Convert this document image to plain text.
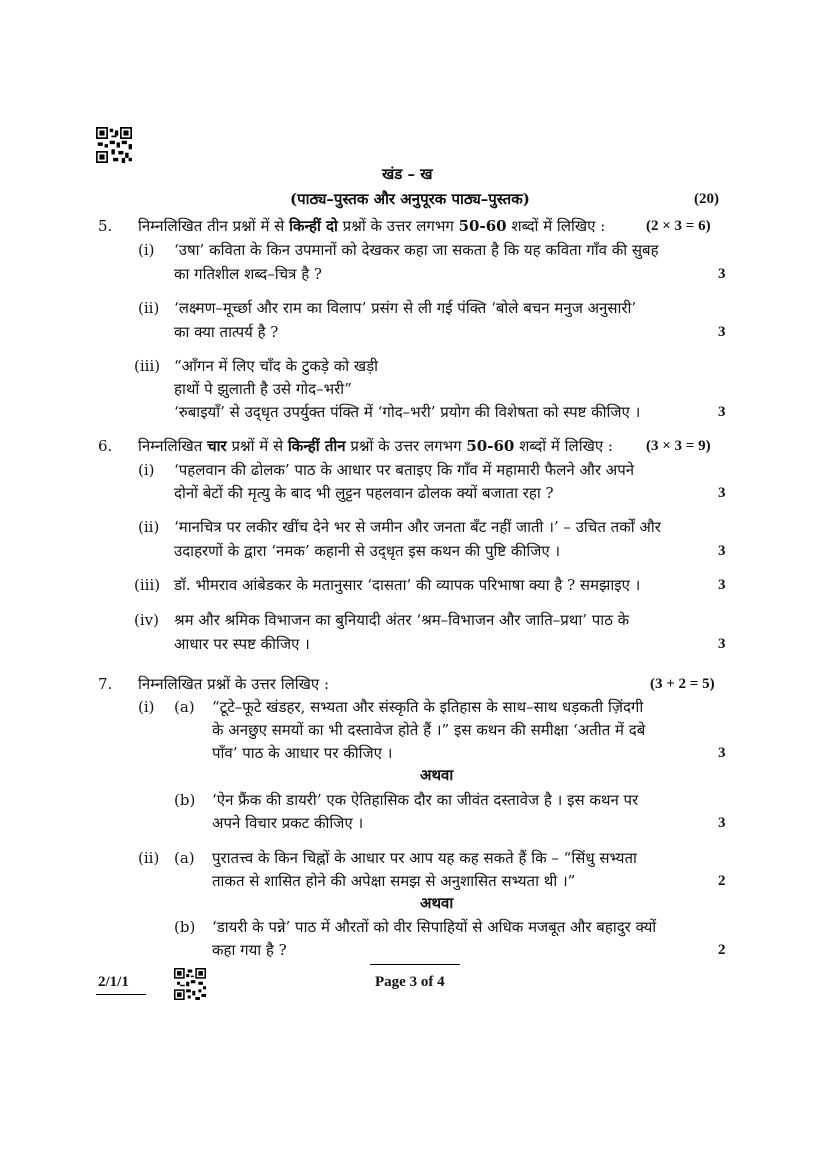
खंड – ख
(पाठ्य–पुस्तक और अनुपूरक पाठ्य–पुस्तक)	(20)
5. निम्नलिखित तीन प्रश्नों में से किन्हीं दो प्रश्नों के उत्तर लगभग 50-60 शब्दों में लिखिए :	(2 × 3 = 6)
(i) ‘उषा’ कविता के किन उपमानों को देखकर कहा जा सकता है कि यह कविता गाँव की सुबह
का गतिशील शब्द–चित्र है ?	3
(ii) ‘लक्ष्मण–मूर्च्छा और राम का विलाप’ प्रसंग से ली गई पंक्ति ‘बोले बचन मनुज अनुसारी’
का क्या तात्पर्य है ?	3
(iii) “आँगन में लिए चाँद के टुकड़े को खड़ी
हाथों पे झुलाती है उसे गोद–भरी”
‘रुबाइयाँ’ से उद्‌धृत उपर्युक्त पंक्ति में ‘गोद–भरी’ प्रयोग की विशेषता को स्पष्ट कीजिए ।	3
6. निम्नलिखित चार प्रश्नों में से किन्हीं तीन प्रश्नों के उत्तर लगभग 50-60 शब्दों में लिखिए : (3 × 3 = 9)
(i) ‘पहलवान की ढोलक’ पाठ के आधार पर बताइए कि गाँव में महामारी फैलने और अपने
दोनों बेटों की मृत्यु के बाद भी लुट्टन पहलवान ढोलक क्यों बजाता रहा ?	3
(ii) ‘मानचित्र पर लकीर खींच देने भर से जमीन और जनता बँट नहीं जाती ।’ – उचित तर्कों और
उदाहरणों के द्वारा ‘नमक’ कहानी से उद्‌धृत इस कथन की पुष्टि कीजिए ।	3
(iii) डॉ. भीमराव आंबेडकर के मतानुसार ‘दासता’ की व्यापक परिभाषा क्या है ? समझाइए ।	3
(iv) श्रम और श्रमिक विभाजन का बुनियादी अंतर ‘श्रम–विभाजन और जाति–प्रथा’ पाठ के
आधार पर स्पष्ट कीजिए ।	3
7. निम्नलिखित प्रश्नों के उत्तर लिखिए :	(3 + 2 = 5)
(i) (a) “टूटे–फूटे खंडहर, सभ्यता और संस्कृति के इतिहास के साथ–साथ धड़कती ज़िंदगी
के अनछुए समयों का भी दस्तावेज होते हैं ।” इस कथन की समीक्षा ‘अतीत में दबे
पाँव’ पाठ के आधार पर कीजिए ।	3
अथवा
(b) ‘ऐन फ्रैंक की डायरी’ एक ऐतिहासिक दौर का जीवंत दस्तावेज है । इस कथन पर
अपने विचार प्रकट कीजिए ।	3
(ii) (a) पुरातत्त्व के किन चिह्नों के आधार पर आप यह कह सकते हैं कि – “सिंधु सभ्यता
ताकत से शासित होने की अपेक्षा समझ से अनुशासित सभ्यता थी ।”	2
अथवा
(b) ‘डायरी के पन्ने’ पाठ में औरतों को वीर सिपाहियों से अधिक मजबूत और बहादुर क्यों
कहा गया है ?	2
2/1/1	Page 3 of 4
